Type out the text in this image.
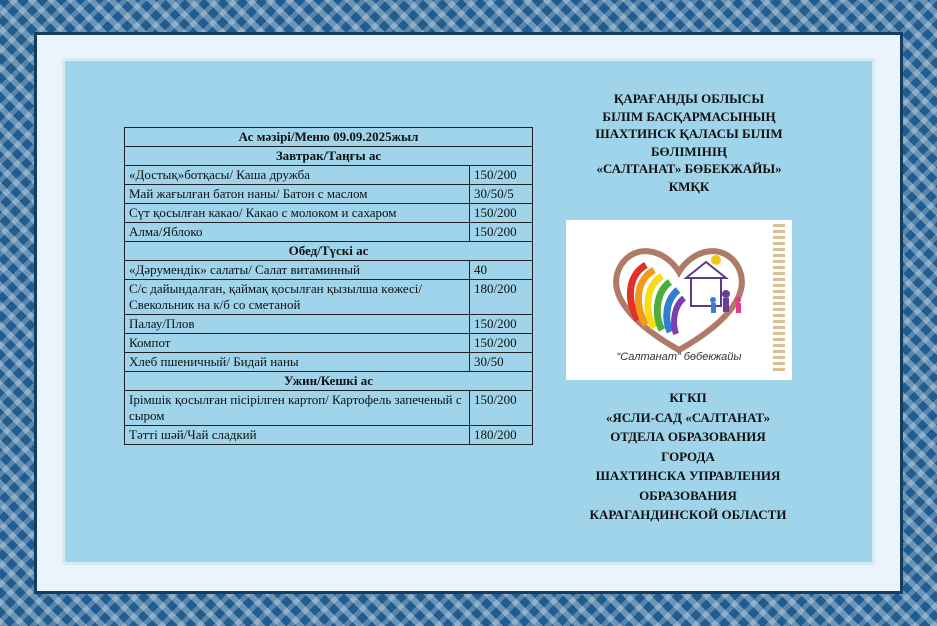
Ас мәзірі/Меню 09.09.2025жыл	
Завтрак/Таңғы ас	
«Достық»ботқасы/ Каша дружба	150/200
Май жағылған батон наны/ Батон с маслом	30/50/5
Сүт қосылған какао/ Какао с молоком и сахаром	150/200
Алма/Яблоко	150/200
Обед/Түскі ас	
«Дәрумендік» салаты/ Салат витаминный	40
С/с дайындалған, қаймақ қосылған қызылша көжесі/ Свекольник на к/б со сметаной	180/200
Палау/Плов	150/200
Компот	150/200
Хлеб пшеничный/ Бидай наны	30/50
Ужин/Кешкі ас	
Ірімшік қосылған пісірілген картоп/ Картофель запеченый с сыром	150/200
Тәтті шәй/Чай сладкий	180/200
ҚАРАҒАНДЫ ОБЛЫСЫ
БІЛІМ БАСҚАРМАСЫНЫҢ
ШАХТИНСК ҚАЛАСЫ БІЛІМ
БӨЛІМІНІҢ
«САЛТАНАТ» БӨБЕКЖАЙЫ»
КМҚК
“Салтанат” бөбекжайы
КГКП
«ЯСЛИ-САД «САЛТАНАТ»
ОТДЕЛА ОБРАЗОВАНИЯ
ГОРОДА
ШАХТИНСКА УПРАВЛЕНИЯ
ОБРАЗОВАНИЯ
КАРАГАНДИНСКОЙ ОБЛАСТИ
